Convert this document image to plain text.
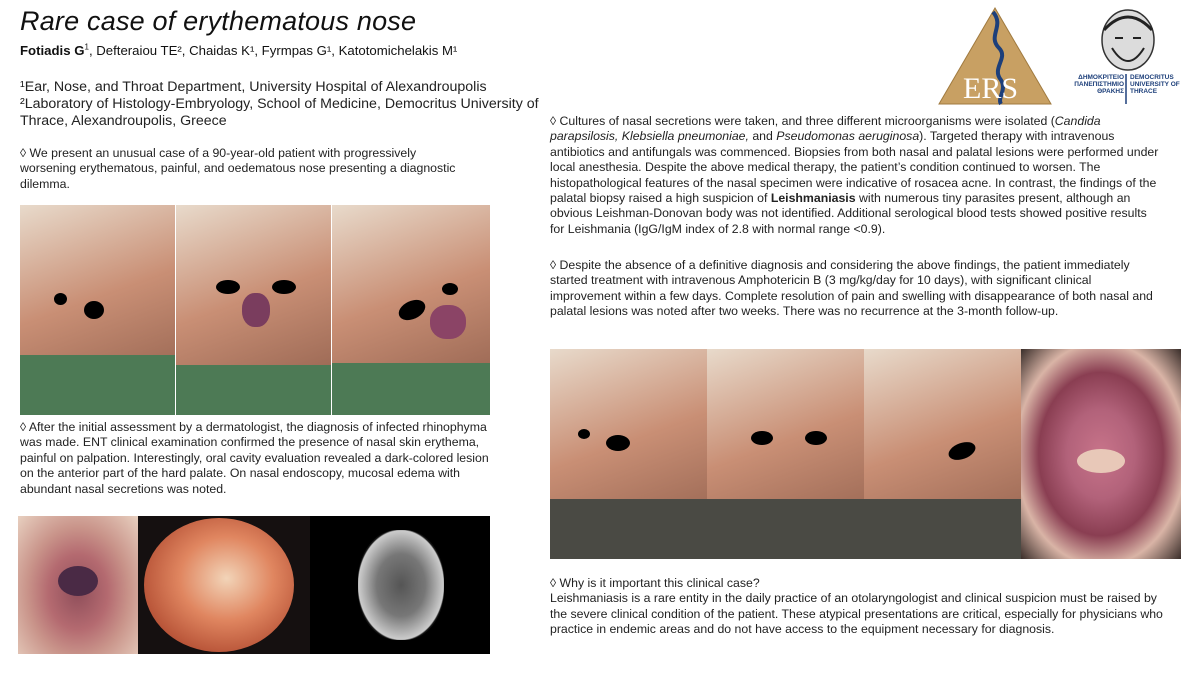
Rare case of erythematous nose
Fotiadis $G^1$, Defteraiou TE², Chaidas K¹, Fyrmpas G¹, Katotomichelakis M¹
¹Ear, Nose, and Throat Department, University Hospital of Alexandroupolis
²Laboratory of Histology-Embryology, School of Medicine, Democritus University of Thrace, Alexandroupolis, Greece
ERS	ΔΗΜΟΚΡΙΤΕΙΟ ΠΑΝΕΠΙΣΤΗΜΙΟ ΘΡΑΚΗΣ
DEMOCRITUS UNIVERSITY OF THRACE
◊ We present an unusual case of a 90-year-old patient with progressively worsening erythematous, painful, and oedematous nose presenting a diagnostic dilemma.
◊ After the initial assessment by a dermatologist, the diagnosis of infected rhinophyma was made. ENT clinical examination confirmed the presence of nasal skin erythema, painful on palpation. Interestingly, oral cavity evaluation revealed a dark-colored lesion on the anterior part of the hard palate. On nasal endoscopy, mucosal edema with abundant nasal secretions was noted.
◊ Cultures of nasal secretions were taken, and three different microorganisms were isolated (Candida parapsilosis, Klebsiella pneumoniae, and Pseudomonas aeruginosa). Targeted therapy with intravenous antibiotics and antifungals was commenced. Biopsies from both nasal and palatal lesions were performed under local anesthesia. Despite the above medical therapy, the patient’s condition continued to worsen. The histopathological features of the nasal specimen were indicative of rosacea acne. In contrast, the findings of the palatal biopsy raised a high suspicion of Leishmaniasis with numerous tiny parasites present, although an obvious Leishman-Donovan body was not identified. Additional serological blood tests showed positive results for Leishmania (IgG/IgM index of 2.8 with normal range <0.9).
◊ Despite the absence of a definitive diagnosis and considering the above findings, the patient immediately started treatment with intravenous Amphotericin B (3 mg/kg/day for 10 days), with significant clinical improvement within a few days. Complete resolution of pain and swelling with disappearance of both nasal and palatal lesions was noted after two weeks. There was no recurrence at the 3-month follow-up.
◊ Why is it important this clinical case?
Leishmaniasis is a rare entity in the daily practice of an otolaryngologist and clinical suspicion must be raised by the severe clinical condition of the patient. These atypical presentations are critical, especially for physicians who practice in endemic areas and do not have access to the equipment necessary for diagnosis.
